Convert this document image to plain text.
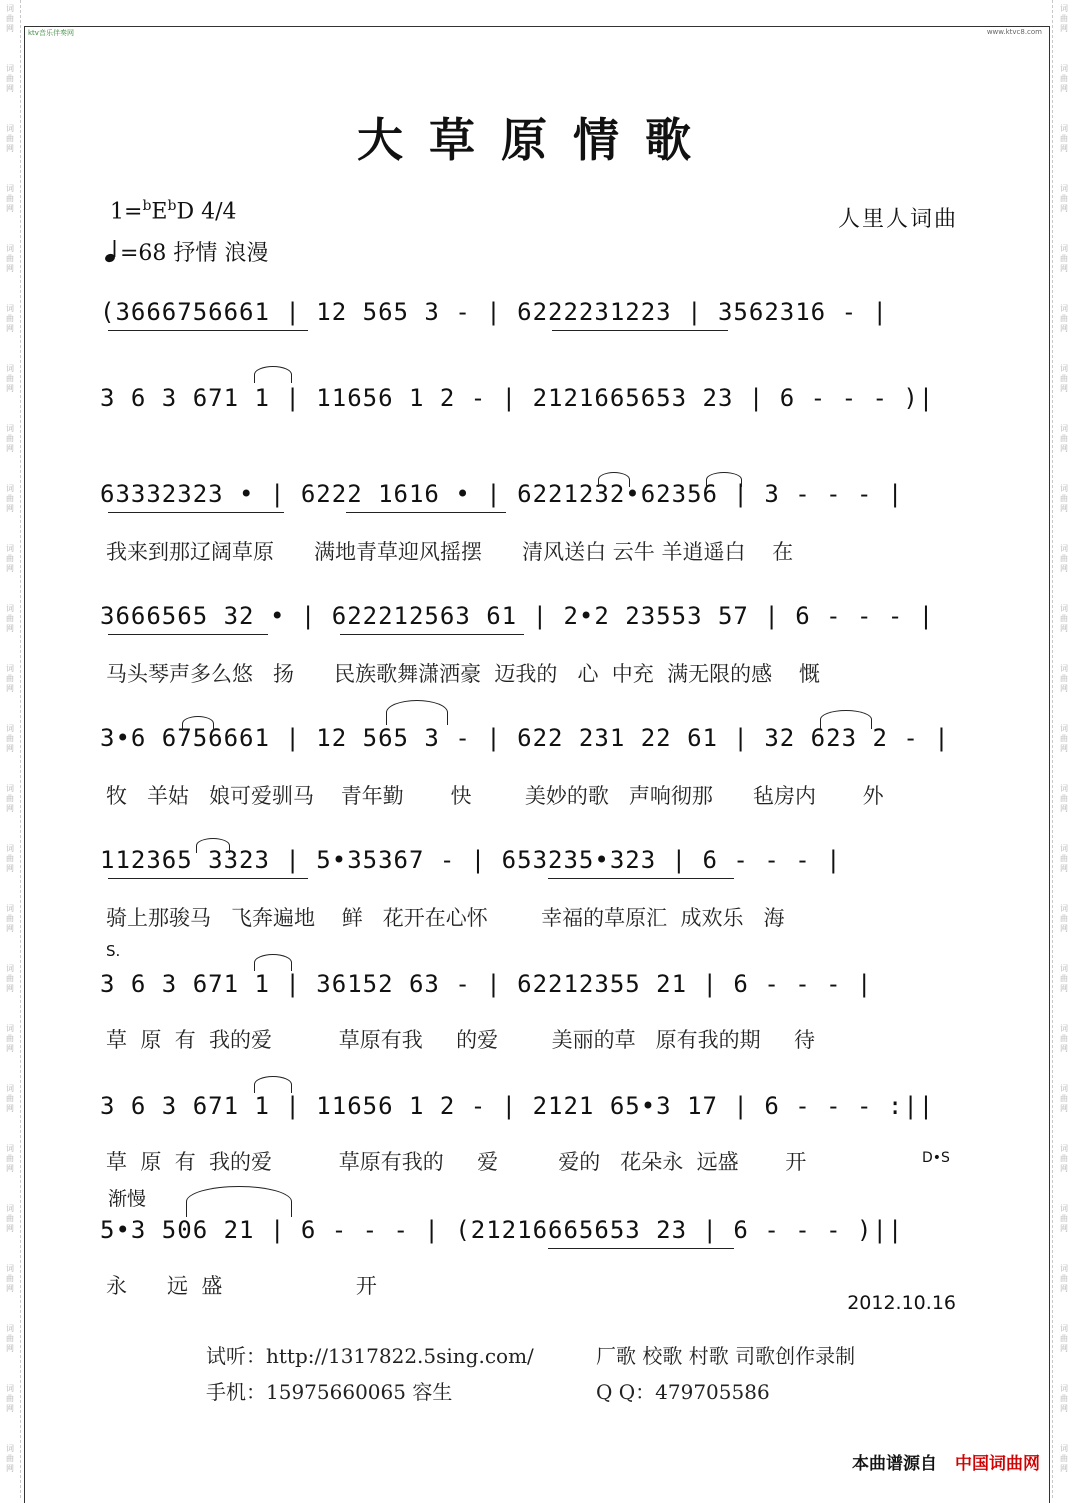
词
曲
网
词
曲
网
词
曲
网
词
曲
网
词
曲
网
词
曲
网
词
曲
网
词
曲
网
词
曲
网
词
曲
网
词
曲
网
词
曲
网
词
曲
网
词
曲
网
词
曲
网
词
曲
网
词
曲
网
词
曲
网
词
曲
网
词
曲
网
词
曲
网
词
曲
网
词
曲
网
词
曲
网
词
曲
网
词
曲
网
词
曲
网
词
曲
网
词
曲
网
词
曲
网
词
曲
网
词
曲
网
词
曲
网
词
曲
网
词
曲
网
词
曲
网
词
曲
网
词
曲
网
词
曲
网
词
曲
网
词
曲
网
词
曲
网
词
曲
网
词
曲
网
词
曲
网
词
曲
网
词
曲
网
词
曲
网
词
曲
网
词
曲
网
ktv音乐伴奏网	www.ktvc8.com
大草原情歌
$1=^bE^bD$ 4/4
=68 抒情 浪漫
人里人词曲
(3666756661 | 12 565 3 - | 6222231223 | 3562316 - |
3 6 3 671 1 | 11656 1 2 - | 2121665653 23 | 6 - - - )|
63332323 • | 6222 1616 • | 6221232•62356 | 3 - - - |
我来到那辽阔草原      满地青草迎风摇摆      清风送白 云牛 羊逍遥白    在
3666565 32 • | 622212563 61 | 2•2 23553 57 | 6 - - - |
马头琴声多么悠   扬      民族歌舞潇洒豪  迈我的   心  中充  满无限的感    慨
3•6 6756661 | 12 565 3 - | 622 231 22 61 | 32 623 2 - |
牧   羊姑   娘可爱驯马    青年勤       快        美妙的歌   声响彻那      毡房内       外
112365 3323 | 5•35367 - | 653235•323 | 6 - - - |
骑上那骏马   飞奔遍地    鲜   花开在心怀        幸福的草原汇  成欢乐   海
S.
3 6 3 671 1 | 36152 63 - | 62212355 21 | 6 - - - |
草  原  有  我的爱          草原有我     的爱        美丽的草   原有我的期     待
3 6 3 671 1 | 11656 1 2 - | 2121 65•3 17 | 6 - - - :||
草  原  有  我的爱          草原有我的     爱         爱的   花朵永  远盛       开	D•S
渐慢
5•3 506 21 | 6 - - - | (21216665653 23 | 6 - - - )||
永      远  盛                    开
2012.10.16
试听：http://1317822.5sing.com/	厂歌 校歌 村歌 司歌创作录制
手机：15975660065 容生	Q Q：479705586
本曲谱源自 中国词曲网
